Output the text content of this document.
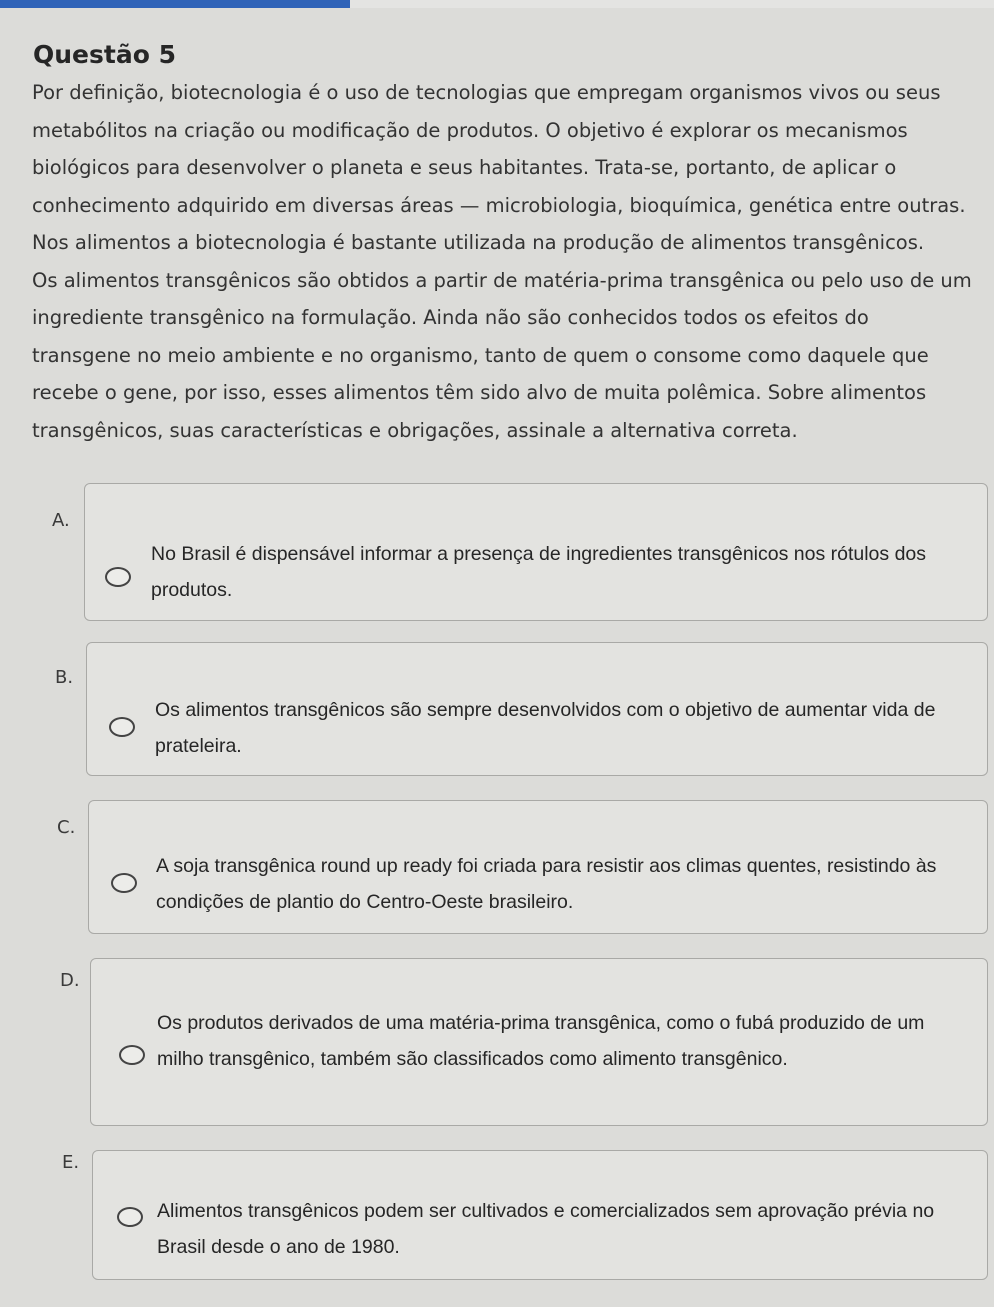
Questão 5

Por definição, biotecnologia é o uso de tecnologias que empregam organismos vivos ou seus metabólitos na criação ou modificação de produtos. O objetivo é explorar os mecanismos biológicos para desenvolver o planeta e seus habitantes. Trata-se, portanto, de aplicar o conhecimento adquirido em diversas áreas — microbiologia, bioquímica, genética entre outras. Nos alimentos a biotecnologia é bastante utilizada na produção de alimentos transgênicos.

Os alimentos transgênicos são obtidos a partir de matéria-prima transgênica ou pelo uso de um ingrediente transgênico na formulação. Ainda não são conhecidos todos os efeitos do transgene no meio ambiente e no organismo, tanto de quem o consome como daquele que recebe o gene, por isso, esses alimentos têm sido alvo de muita polêmica. Sobre alimentos transgênicos, suas características e obrigações, assinale a alternativa correta.

A.
No Brasil é dispensável informar a presença de ingredientes transgênicos nos rótulos dos produtos.
B.
Os alimentos transgênicos são sempre desenvolvidos com o objetivo de aumentar vida de prateleira.
C.
A soja transgênica round up ready foi criada para resistir aos climas quentes, resistindo às condições de plantio do Centro-Oeste brasileiro.
D.
Os produtos derivados de uma matéria-prima transgênica, como o fubá produzido de um milho transgênico, também são classificados como alimento transgênico.
E.
Alimentos transgênicos podem ser cultivados e comercializados sem aprovação prévia no Brasil desde o ano de 1980.
